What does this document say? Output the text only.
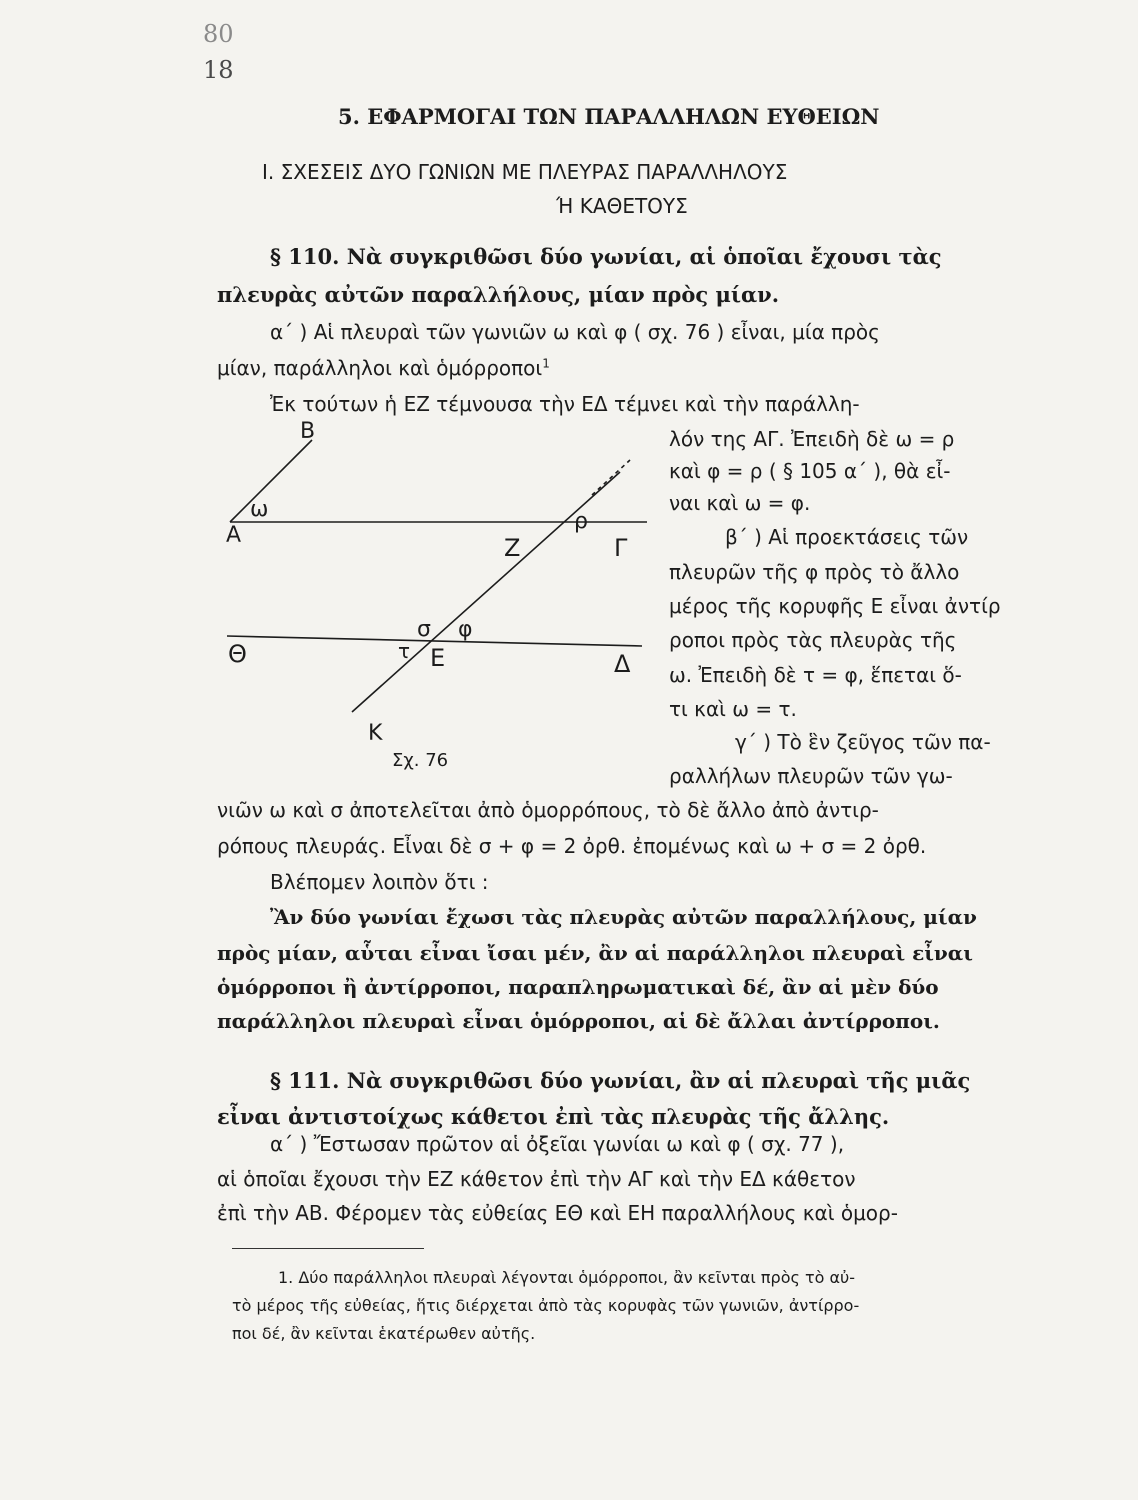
80
18
5. ΕΦΑΡΜΟΓΑΙ ΤΩΝ ΠΑΡΑΛΛΗΛΩΝ ΕΥΘΕΙΩΝ
Ι. ΣΧΕΣΕΙΣ ΔΥΟ ΓΩΝΙΩΝ ΜΕ ΠΛΕΥΡΑΣ ΠΑΡΑΛΛΗΛΟΥΣ
Ή ΚΑΘΕΤΟΥΣ
§ 110. Νὰ συγκριθῶσι δύο γωνίαι, αἱ ὁποῖαι ἔχουσι τὰς
πλευρὰς αὐτῶν παραλλήλους, μίαν πρὸς μίαν.
α΄ ) Αἱ πλευραὶ τῶν γωνιῶν ω καὶ φ ( σχ. 76 ) εἶναι, μία πρὸς
μίαν, παράλληλοι καὶ ὁμόρροποι$^1$
Ἐκ τούτων ἡ ΕΖ τέμνουσα τὴν ΕΔ τέμνει καὶ τὴν παράλλη-
λόν της ΑΓ. Ἐπειδὴ δὲ ω = ρ
καὶ φ = ρ ( § 105 α΄ ), θὰ εἶ-
ναι καὶ ω = φ.
β΄ ) Αἱ προεκτάσεις τῶν
πλευρῶν τῆς φ πρὸς τὸ ἄλλο
μέρος τῆς κορυφῆς Ε εἶναι ἀντίρ
ροποι πρὸς τὰς πλευρὰς τῆς
ω. Ἐπειδὴ δὲ τ = φ, ἕπεται ὅ-
τι καὶ ω = τ.
γ΄ ) Τὸ ἓν ζεῦγος τῶν πα-
ραλλήλων πλευρῶν τῶν γω-
νιῶν ω καὶ σ ἀποτελεῖται ἀπὸ ὁμορρόπους, τὸ δὲ ἄλλο ἀπὸ ἀντιρ-
ρόπους πλευράς. Εἶναι δὲ σ + φ = 2 ὀρθ. ἐπομένως καὶ ω + σ = 2 ὀρθ.
Βλέπομεν λοιπὸν ὅτι :
Ἂν δύο γωνίαι ἔχωσι τὰς πλευρὰς αὐτῶν παραλλήλους, μίαν
πρὸς μίαν, αὗται εἶναι ἴσαι μέν, ἂν αἱ παράλληλοι πλευραὶ εἶναι
ὁμόρροποι ἢ ἀντίρροποι, παραπληρωματικαὶ δέ, ἂν αἱ μὲν δύο
παράλληλοι πλευραὶ εἶναι ὁμόρροποι, αἱ δὲ ἄλλαι ἀντίρροποι.
§ 111. Νὰ συγκριθῶσι δύο γωνίαι, ἂν αἱ πλευραὶ τῆς μιᾶς
εἶναι ἀντιστοίχως κάθετοι ἐπὶ τὰς πλευρὰς τῆς ἄλλης.
α΄ ) Ἔστωσαν πρῶτον αἱ ὀξεῖαι γωνίαι ω καὶ φ ( σχ. 77 ),
αἱ ὁποῖαι ἔχουσι τὴν ΕΖ κάθετον ἐπὶ τὴν ΑΓ καὶ τὴν ΕΔ κάθετον
ἐπὶ τὴν ΑΒ. Φέρομεν τὰς εὐθείας ΕΘ καὶ ΕΗ παραλλήλους καὶ ὁμορ-
1. Δύο παράλληλοι πλευραὶ λέγονται ὁμόρροποι, ἂν κεῖνται πρὸς τὸ αὐ-
τὸ μέρος τῆς εὐθείας, ἥτις διέρχεται ἀπὸ τὰς κορυφὰς τῶν γωνιῶν, ἀντίρρο-
ποι δέ, ἂν κεῖνται ἑκατέρωθεν αὐτῆς.
Β
ω
Α
ρ
Ζ	Γ
σ φ
Θ	τ Ε	Δ
Κ
Σχ. 76
